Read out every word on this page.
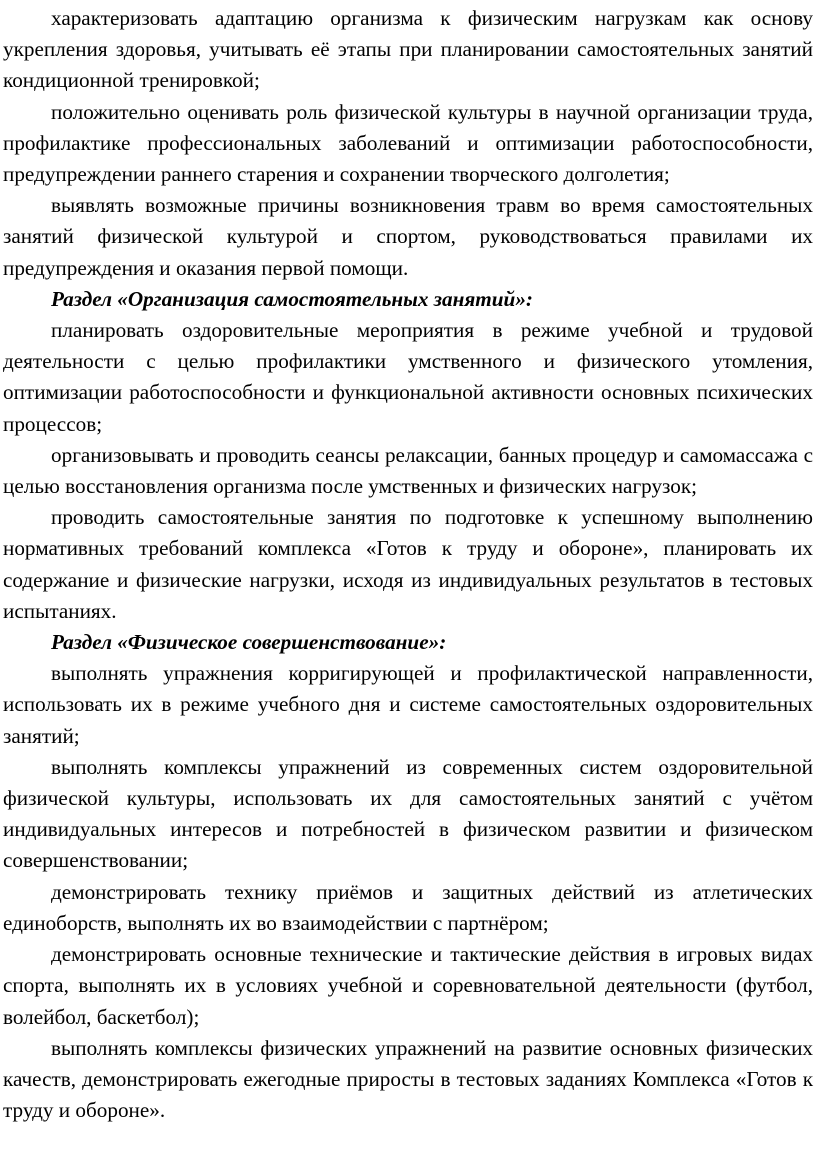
характеризовать адаптацию организма к физическим нагрузкам как основу укрепления здоровья, учитывать её этапы при планировании самостоятельных занятий кондиционной тренировкой;

положительно оценивать роль физической культуры в научной организации труда, профилактике профессиональных заболеваний и оптимизации работоспособности, предупреждении раннего старения и сохранении творческого долголетия;

выявлять возможные причины возникновения травм во время самостоятельных занятий физической культурой и спортом, руководствоваться правилами их предупреждения и оказания первой помощи.

Раздел «Организация самостоятельных занятий»:

планировать оздоровительные мероприятия в режиме учебной и трудовой деятельности с целью профилактики умственного и физического утомления, оптимизации работоспособности и функциональной активности основных психических процессов;

организовывать и проводить сеансы релаксации, банных процедур и самомассажа с целью восстановления организма после умственных и физических нагрузок;

проводить самостоятельные занятия по подготовке к успешному выполнению нормативных требований комплекса «Готов к труду и обороне», планировать их содержание и физические нагрузки, исходя из индивидуальных результатов в тестовых испытаниях.

Раздел «Физическое совершенствование»:

выполнять упражнения корригирующей и профилактической направленности, использовать их в режиме учебного дня и системе самостоятельных оздоровительных занятий;

выполнять комплексы упражнений из современных систем оздоровительной физической культуры, использовать их для самостоятельных занятий с учётом индивидуальных интересов и потребностей в физическом развитии и физическом совершенствовании;

демонстрировать технику приёмов и защитных действий из атлетических единоборств, выполнять их во взаимодействии с партнёром;

демонстрировать основные технические и тактические действия в игровых видах спорта, выполнять их в условиях учебной и соревновательной деятельности (футбол, волейбол, баскетбол);

выполнять комплексы физических упражнений на развитие основных физических качеств, демонстрировать ежегодные приросты в тестовых заданиях Комплекса «Готов к труду и обороне».
